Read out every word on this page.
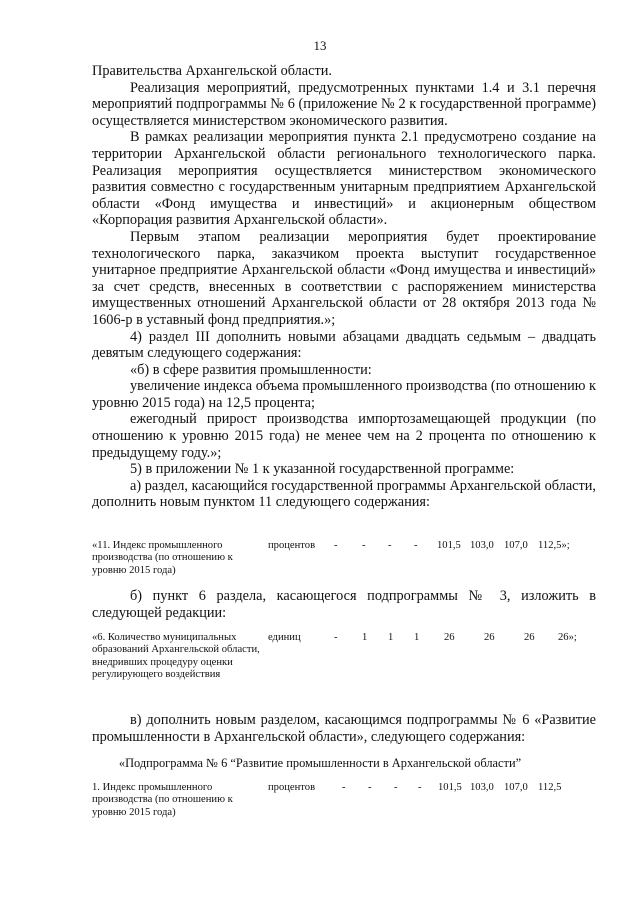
13

Правительства Архангельской области.

Реализация мероприятий, предусмотренных пунктами 1.4 и 3.1 перечня мероприятий подпрограммы № 6 (приложение № 2 к государственной программе) осуществляется министерством экономического развития.

В рамках реализации мероприятия пункта 2.1 предусмотрено создание на территории Архангельской области регионального технологического парка. Реализация мероприятия осуществляется министерством экономического развития совместно с государственным унитарным предприятием Архангельской области «Фонд имущества и инвестиций» и акционерным обществом «Корпорация развития Архангельской области».

Первым этапом реализации мероприятия будет проектирование технологического парка, заказчиком проекта выступит государственное унитарное предприятие Архангельской области «Фонд имущества и инвестиций» за счет средств, внесенных в соответствии с распоряжением министерства имущественных отношений Архангельской области от 28 октября 2013 года № 1606-р в уставный фонд предприятия.»;

4) раздел III дополнить новыми абзацами двадцать седьмым – двадцать девятым следующего содержания:

«б) в сфере развития промышленности:

увеличение индекса объема промышленного производства (по отношению к уровню 2015 года) на 12,5 процента;

ежегодный прирост производства импортозамещающей продукции (по отношению к уровню 2015 года) не менее чем на 2 процента по отношению к предыдущему году.»;

5) в приложении № 1 к указанной государственной программе:

а) раздел, касающийся государственной программы Архангельской области, дополнить новым пунктом 11 следующего содержания:

«11. Индекс промышленного производства (по отношению к уровню 2015 года)
процентов - - - - 101,5 103,0 107,0 112,5»;

б) пункт 6 раздела, касающегося подпрограммы № 3, изложить в следующей редакции:

«6. Количество муниципальных образований Архангельской области, внедривших процедуру оценки регулирующего воздействия
единиц	- 1 1 1 26	26	26 26»;

в) дополнить новым разделом, касающимся подпрограммы № 6 «Развитие промышленности в Архангельской области», следующего содержания:

«Подпрограмма № 6 “Развитие промышленности в Архангельской области”
1. Индекс промышленного производства (по отношению к уровню 2015 года)
процентов	- - - - 101,5 103,0 107,0 112,5
